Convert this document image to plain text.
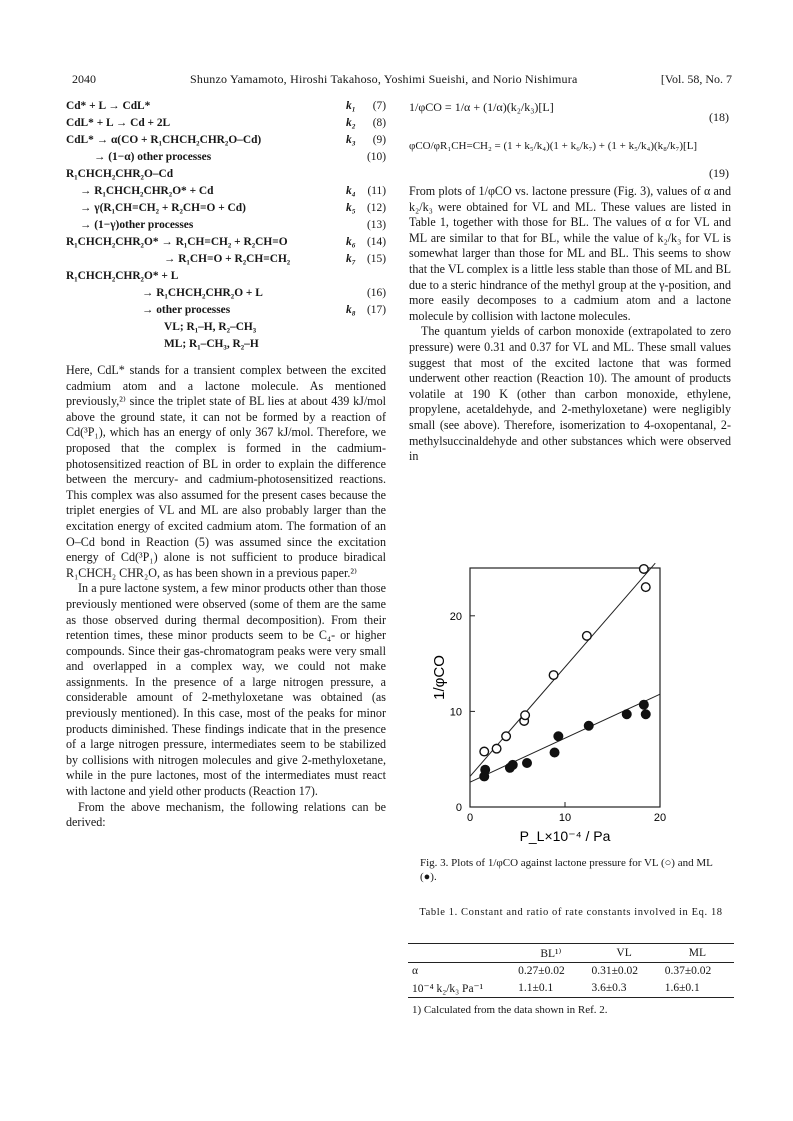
2040	Shunzo Yamamoto, Hiroshi Takahoso, Yoshimi Sueishi, and Norio Nishimura	[Vol. 58, No. 7
Cd* + L → CdL*	k₁ (7)
CdL* + L → Cd + 2L	k₂ (8)
CdL* → α(CO + R₁CHCH₂CHR₂O–Cd)	k₃ (9)
→ (1−α) other processes	(10)
R₁CHCH₂CHR₂O–Cd
→ R₁CHCH₂CHR₂O* + Cd	k₄ (11)
→ γ(R₁CH=CH₂ + R₂CH=O + Cd)	k₅ (12)
→ (1−γ)other processes	(13)
R₁CHCH₂CHR₂O* → R₁CH=CH₂ + R₂CH=O	k₆ (14)
→ R₁CH=O + R₂CH=CH₂	k₇ (15)
R₁CHCH₂CHR₂O* + L
→ R₁CHCH₂CHR₂O + L	(16)
→ other processes	k₈ (17)
VL; R₁–H, R₂–CH₃
ML; R₁–CH₃, R₂–H

Here, CdL* stands for a transient complex between the excited cadmium atom and a lactone molecule. As mentioned previously,²⁾ since the triplet state of BL lies at about 439 kJ/mol above the ground state, it can not be formed by a reaction of Cd(³P₁), which has an energy of only 367 kJ/mol. Therefore, we proposed that the complex is formed in the cadmium-photosensitized reaction of BL in order to explain the difference between the mercury- and cadmium-photosensitized reactions. This complex was also assumed for the present cases because the triplet energies of VL and ML are also probably larger than the excitation energy of excited cadmium atom. The formation of an O–Cd bond in Reaction (5) was assumed since the excitation energy of Cd(³P₁) alone is not sufficient to produce biradical R₁CHCH₂ CHR₂O, as has been shown in a previous paper.²⁾

In a pure lactone system, a few minor products other than those previously mentioned were observed (some of them are the same as those observed during thermal decomposition). From their retention times, these minor products seem to be C₄- or higher compounds. Since their gas-chromatogram peaks were very small and overlapped in a complex way, we could not make assignments. In the presence of a large nitrogen pressure, a considerable amount of 2-methyloxetane was obtained (as previously mentioned). In this case, most of the peaks for minor products diminished. These findings indicate that in the presence of a large nitrogen pressure, intermediates seem to be stabilized by collisions with nitrogen molecules and give 2-methyloxetane, while in the pure lactones, most of the intermediates must react with lactone and yield other products (Reaction 17).

From the above mechanism, the following relations can be derived:

1/φCO = 1/α + (1/α)(k₂/k₃)[L]
(18)
φCO/φR₁CH=CH₂ = (1 + k₅/k₄)(1 + k₆/k₇) + (1 + k₅/k₄)(k₈/k₇)[L]
(19)

From plots of 1/φCO vs. lactone pressure (Fig. 3), values of α and k₂/k₃ were obtained for VL and ML. These values are listed in Table 1, together with those for BL. The values of α for VL and ML are similar to that for BL, while the value of k₂/k₃ for VL is somewhat larger than those for ML and BL. This seems to show that the VL complex is a little less stable than those of ML and BL due to a steric hindrance of the methyl group at the γ-position, and more easily decomposes to a cadmium atom and a lactone molecule by collision with lactone molecules.

The quantum yields of carbon monoxide (extrapolated to zero pressure) were 0.31 and 0.37 for VL and ML. These small values suggest that most of the excited lactone that was formed underwent other reaction (Reaction 10). The amount of products volatile at 190 K (other than carbon monoxide, ethylene, propylene, acetaldehyde, and 2-methyloxetane) were negligibly small (see above). Therefore, isomerization to 4-oxopentanal, 2-methylsuccinaldehyde and other substances which were observed in

0
0
10
10
20
20
P_L×10⁻⁴ / Pa
1/φCO
Fig. 3. Plots of 1/φCO against lactone pressure for VL (○) and ML (●).
Table 1. Constant and ratio of rate constants involved in Eq. 18
	BL¹⁾	VL	ML
α	0.27±0.02	0.31±0.02	0.37±0.02
10⁻⁴ k₂/k₃ Pa⁻¹	1.1±0.1	3.6±0.3	1.6±0.1
1) Calculated from the data shown in Ref. 2.
